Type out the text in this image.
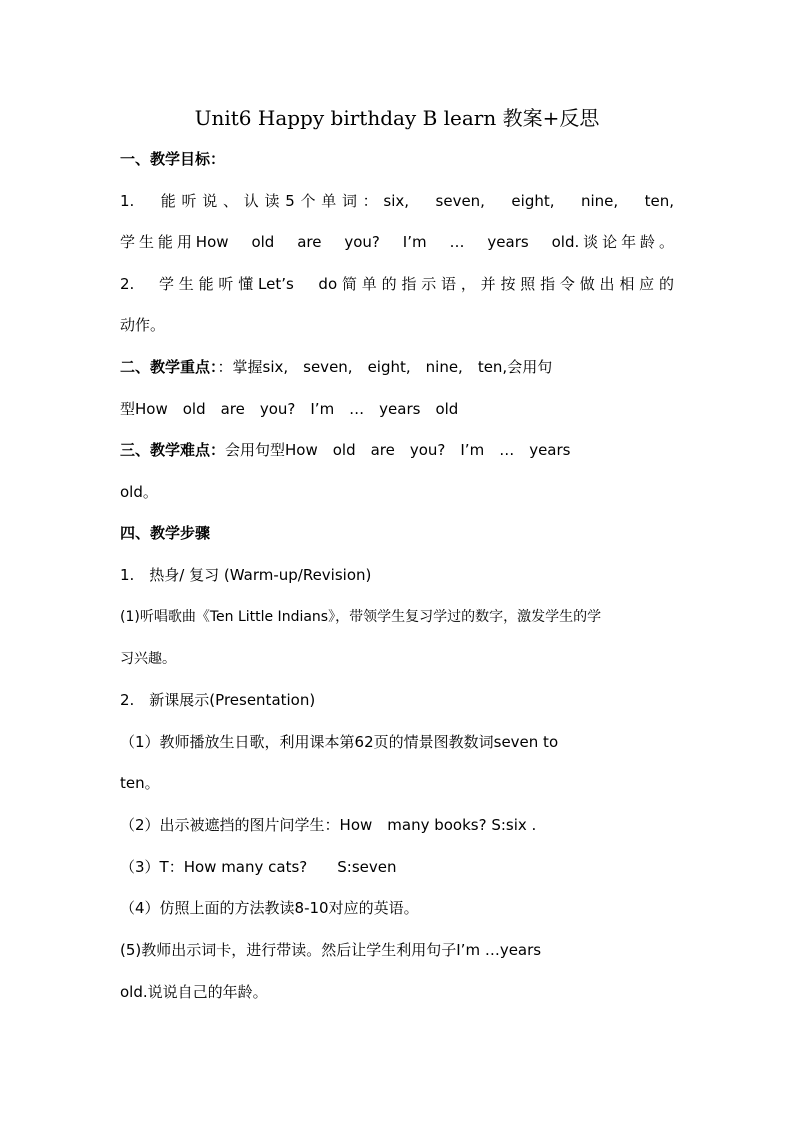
Unit6 Happy birthday B learn 教案+反思
一、教学目标：
1.　能听说、认读5个单词：six,　seven,　eight,　nine,　ten,
学生能用How　old　are　you?　I’m　…　years　old.谈论年龄。
2.　学生能听懂Let’s　do简单的指示语，并按照指令做出相应的
动作。
二、教学重点：：掌握six,　seven,　eight,　nine,　ten,会用句
型How　old　are　you?　I’m　…　years　old
三、教学难点：会用句型How　old　are　you?　I’m　…　years
old。
四、教学步骤
1.　热身/ 复习 (Warm-up/Revision)
(1)听唱歌曲《Ten Little Indians》，带领学生复习学过的数字，激发学生的学
习兴趣。
2.　新课展示(Presentation)
（1）教师播放生日歌，利用课本第62页的情景图教数词seven to
ten。
（2）出示被遮挡的图片问学生：How　many books? S:six .
（3）T：How many cats?　　S:seven
（4）仿照上面的方法教读8-10对应的英语。
(5)教师出示词卡，进行带读。然后让学生利用句子I’m …years
old.说说自己的年龄。
